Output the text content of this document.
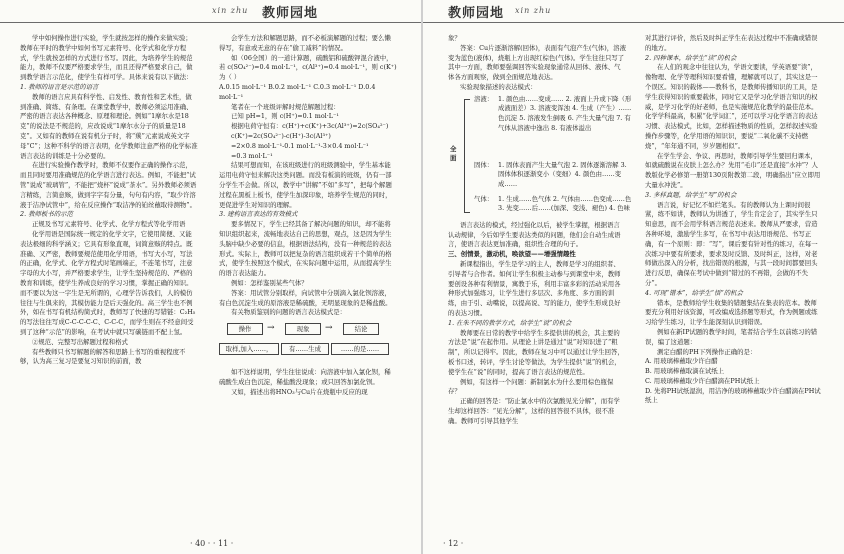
xin zhu 教师园地

学中如何操作进行实验，学生就按怎样的操作来做实验；教师在平时的教学中如何书写元素符号、化学式和化学方程式，学生就按怎样的方式进行书写。因此，为培养学生的规范能力，教师不仅要严格要求学生，而且还得严格要求自己，做到教学语言示范化，使学生有样可学。具体来说有以下做法：

1. 教师的语言是示范的语言

教师的语言应具有科学性、启发性、教育性和艺术性，做到准确、简练、有条理。在课堂教学中，教师必须运用准确、严密的语言表达各种概念、原理和理论。例如“1摩尔水是18克”的说法是不规范的，应改说成“1摩尔水分子的质量是18克”。又如有的教师在说有机分子时，将“羰”元素说成英文字母“C”；这种不科学的语言表明，化学教师注意严格的化学标准语言表达的训练是十分必要的。

在进行实验操作教学时，教师不仅要作正确的操作示范，而且同时要用准确规范的化学语言进行表达。例如，不能把“试管”说成“玻璃管”，不能把“烧杯”说成“茶水”。另外教师必须语言精练，言简意赅，做到字字有分量，句句有内容，“取少许溶液于洁净试管中”，给在反应操作“取洁净的铂丝蘸取待测物”。

2. 教师板书的示范

正规及书写元素符号、化学式、化学方程式等化学用语

化学用语是国际统一规定的化学文字，它使用简便、又能表达极细的科学涵义；它具有形象直观，词简意赅的特点。既准确、又严密，教师要规范使用化学用语，书写大小写，写法的正确，化学式、化学方程式时笔画端正，不连笔书写，注意字母的大小写，并严格要求学生，让学生坚持规范的、严格的教育和训练，使学生养成良好的学习习惯，掌握正确的知识。而不要以为这一字生是无所谓的，心理学告诉我们，人的模仿往往与生俱来的，其模仿能力是后天强化的。高三学生也不例外，如在书写有机结构简式时，教师写了快速的写错链：C₂H₅的写法往往写成C-C-C-C-C、C-C-C，而学生则在不经意间受到了这种“示范”的影响，在考试中就只写碳链而不配上氢。

②规范、完整写出解题过程和格式

有些教师只书写解题的解答和思路上书写的重视程度不够，认为高三复习是要复习知识的前面，教

会学生方法和解题思路，而不必板演解题的过程；要么懒得写，有意或无意的存在“偷工减料”的情况。

如（06全国）的一道计算题，硫酸铝和硫酸钾混合液中，若 c(SO₄²⁻)=0.4 mol·L⁻¹，c(Al³⁺)=0.4 mol·L⁻¹，则 c(K⁺)为（ ）

A.0.15 mol·L⁻¹ B.0.2 mol·L⁻¹ C.0.3 mol·L⁻¹ D.0.4 mol·L⁻¹

笔者在一个班级评解时规范解题过程：

已知 pH=1，则 c(H⁺)=0.1 mol·L⁻¹

根据电荷守恒有：c(H⁺)+c(K⁺)+3c(Al³⁺)=2c(SO₄²⁻)

c(K⁺)=2c(SO₄²⁻)-c(H⁺)-3c(Al³⁺)

=2×0.8 mol·L⁻¹-0.1 mol·L⁻¹-3×0.4 mol·L⁻¹

=0.3 mol·L⁻¹

结果可想而知，在该班级进行的班级测验中，学生基本能运用电荷守恒来解决这类问题。而没有板演的班级，仍有一部分学生不会做。所以，教学中“讲解”不如“多写”，把每个解题过程在黑板上板书，使学生加深印象，培养学生规范的同时，更促进学生对知识的理解。

3. 建构语言表达的有效模式

要多情况下，学生已经其备了解决问题的知识，却不能将知识组织起来，流畅地表达自己的思想，观点，这是因为学生头脑中缺少必要的信息，根据语法结构，没有一种规范的表达形式。实际上，教师可以把复杂的语言组织成若干个简单的格式，使学生按照这个模式，在实际问题中运用，从而提高学生的语言表达能力。

例如：怎样鉴别某些气体？

答案：用试管分别取样，向试管中分别滴入氯化钡溶液，有白色沉淀生成的原溶液是稀硫酸，无明显现象的是稀盐酸。

有关物质鉴别的问题的语言表达模式是：

操作	→	现象	→	结论
取样,加入……，	有……生成	……的是……

如不这样说明，学生往往说成：向溶液中加入氯化钡，稀硫酸生成白色沉淀，稀盐酸没现象；或只回答加氯化钡。

又如，描述出将HNO₃与Cu片在烧瓶中反应的现

· 40 · · 11 ·
教师园地 xin zhu

象？

答案：Cu片逐渐溶解(回体)，表面有气泡产生(气体)，溶液变为蓝色(液体)，烧瓶上方出现红棕色(气体)。学生往往只写了其中一方面，教师要强调回答实验现象通常从回体、液体、气体各方面观察，做到全面规范地表达。

实验现象描述的表达模式：

全面
溶液： 1. 颜色由……变成…… 2. 液面上升或下降（形成液面差）3. 溶液变浑浊 4. 生成（产生）……色沉淀 5. 溶液发生倒吸 6. 产生大量气泡 7. 有气体从溶液中逸出 8. 有液体溢出
固体： 1. 固体表面产生大量气泡 2. 固体逐渐溶解 3. 固体体积逐渐变小（变细）4. 颜色由……变成……
气体： 1. 生成……色气体 2. 气体由……色变成……色 3. 先变……后……(加深、变浅、褪色) 4. 色味

语言表达的模式，经过强化以后，被学生掌握，根据语言认动规律，今后如学生要表达类似的问题，他们会自动生成语言，使语言表达更加准确，组织性合理的句子。

三、创情景，激动机，唤欲望——增强情趣性

新课程指出，学生是学习的主人，教师是学习的组织者、引导者与合作者。如何让学生积极主动参与到课堂中来，教师要创设各种有利情景，寓教于乐，利用丰富多彩的活动采用各种形式加强练习，让学生进行多层次、多角度、多方面的训练，由于引、动嘴说，以提高说、写的能力，使学生形成良好的表达习惯。

1. 在朱不同的教学方式，给学生“说”的机会

教师要在日常的教学中给学生多提供讲的机会，其主要的方法是“说”在起作用。从理论上讲是通过“说”对知识进了“粗制”，所以记得牢。因此，教师在复习中可以通过让学生回答，板书口述，转评，学生讨论等做法，为学生提供“说”的机会，使学生在“说”的同时，提高了语言表达的规范性。

例如，有这样一个问题：新制氯水为什么要用棕色瓶保存？

正确的回答是：“防止氯水中的次氯酸见光分解”，而有学生却这样回答：“见光分解”，这样的回答很不具体，很不准确。教师可引导其他学生

对其进行评价，然后及时纠正学生在表达过程中不准确或错误的地方。

2. 四种课本，给学生“读”的机会

在人们的观念中往往认为，学语文要读，学英语要“读”，像物理、化学等理科知识要看懂，理解就可以了，其实这是一个误区。知识的载体——教科书，是教师传播知识的工具，是学生获得知识的重要载体，同时它又是学习化学语言知识的权威，是学习化学的好老师，也是实施规范化教学的最佳范本。化学学科最高，积累“化学词汇”，还可以学习化学语言的表达习惯、表达模式，比如，怎样描述物质的性质，怎样叙述实验操作步骤等，化学用语的知识识，要说“二氧化碳不支持燃烧”，“年年通不同，岁岁题相似”。

在学生学会、争议、再思时，教师引导学生要回归课本，如就硫酸说在皮肤上怎么办？先用“毛巾”还是直接“水冲”？人教版化学必修第一册第130页附教第二段，明确指出“应立即用大量水冲洗”。

3. 多样真题，给学生“写”的机会

语言说，好记忆不如烂笔头。有的教师认为上课时间很紧，练不如讲，教师认为讲透了，学生肯定会了，其实学生只知意思，而不会用学科语言规范表述来。教师从严要求，营造各种环境，激励学生多写，在书写中表达用语规范、书写正确，有一个原则：即：“写”，课后要有针对性的练习，在每一次练习中要有所要求，要求及时反馈、及时纠正，这样，对老师做出深入的分析，找出错误的根源，与其一段时间都要回头进行反思，确保在考试中做到“错过的不再错，会做的不失分”。

4. 可现“错本”，给学生“悟”的机会

错本，是教师给学生收集的错题集结在集表的范本。教师要充分利用好该资源，可改编成选择题等形式，作为例题或练习给学生练习，让学生能深刻认识到错误。

例如在新IP试题的教学时间，笔者结合学生以前练习的错误，编了这道题：

测定白醋的PH下列操作正确的是：

A. 用玻璃棒蘸取少许白醋

B. 用玻璃棒蘸取滴在试纸上

C. 用玻璃棒蘸取少许白醋滴在PH试纸上

D. 先将PH试纸湿润，用洁净的玻璃棒蘸取少许白醋滴在PH试纸上

· 12 ·
